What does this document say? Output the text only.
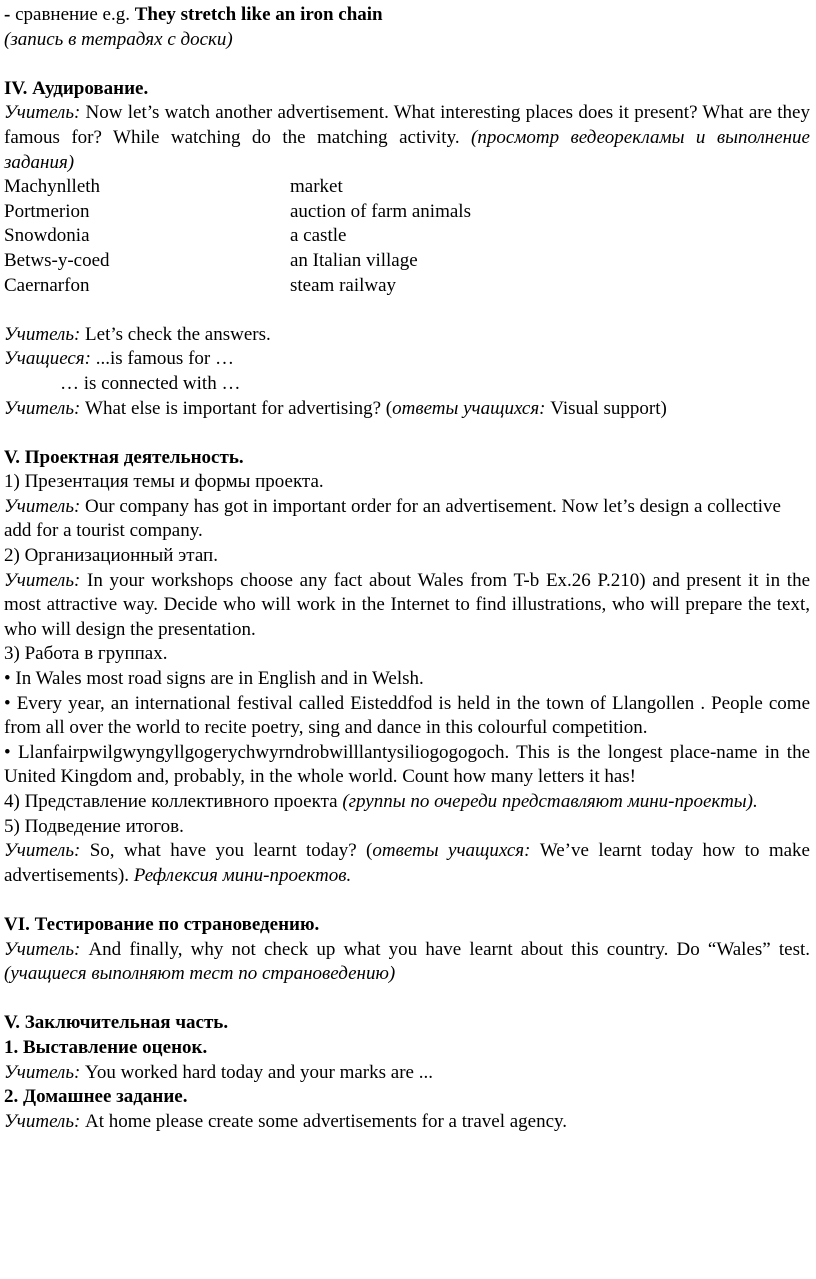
- сравнение e.g. They stretch like an iron chain
(запись в тетрадях с доски)
IV. Аудирование.
Учитель: Now let’s watch another advertisement. What interesting places does it present? What are they famous for? While watching do the matching activity. (просмотр ведеорекламы и выполнение задания)
Machynlleth	market
Portmerion	auction of farm animals
Snowdonia	a castle
Betws-y-coed	an Italian village
Caernarfon	steam railway
Учитель: Let’s check the answers.
Учащиеся: ...is famous for …
… is connected with …
Учитель: What else is important for advertising? (ответы учащихся: Visual support)
V. Проектная деятельность.
1) Презентация темы и формы проекта.
Учитель: Our company has got in important order for an advertisement. Now let’s design a collective add for a tourist company.
2) Организационный этап.
Учитель: In your workshops choose any fact about Wales from T-b Ex.26 P.210) and present it in the most attractive way. Decide who will work in the Internet to find illustrations, who will prepare the text, who will design the presentation.
3) Работа в группах.
• In Wales most road signs are in English and in Welsh.
• Every year, an international festival called Eisteddfod is held in the town of Llangollen . People come from all over the world to recite poetry, sing and dance in this colourful competition.
• Llanfairpwilgwyngyllgogerychwyrndrobwilllantysiliogogogoch. This is the longest place-name in the United Kingdom and, probably, in the whole world. Count how many letters it has!
4) Представление коллективного проекта (группы по очереди представляют мини-проекты).
5) Подведение итогов.
Учитель: So, what have you learnt today? (ответы учащихся: We’ve learnt today how to make advertisements). Рефлексия мини-проектов.
VI. Тестирование по страноведению.
Учитель: And finally, why not check up what you have learnt about this country. Do “Wales” test. (учащиеся выполняют тест по страноведению)
V. Заключительная часть.
1. Выставление оценок.
Учитель: You worked hard today and your marks are ...
2. Домашнее задание.
Учитель: At home please create some advertisements for a travel agency.
